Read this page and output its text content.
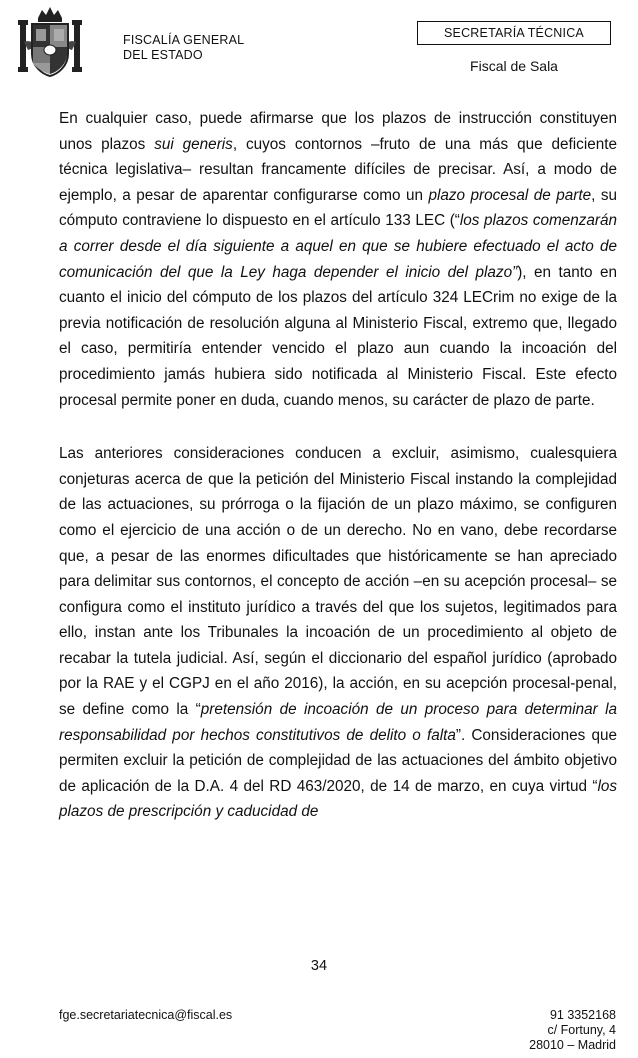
FISCALÍA GENERAL
DEL ESTADO
SECRETARÍA TÉCNICA
Fiscal de Sala

En cualquier caso, puede afirmarse que los plazos de instrucción constituyen unos plazos sui generis, cuyos contornos –fruto de una más que deficiente técnica legislativa– resultan francamente difíciles de precisar. Así, a modo de ejemplo, a pesar de aparentar configurarse como un plazo procesal de parte, su cómputo contraviene lo dispuesto en el artículo 133 LEC (“los plazos comenzarán a correr desde el día siguiente a aquel en que se hubiere efectuado el acto de comunicación del que la Ley haga depender el inicio del plazo”), en tanto en cuanto el inicio del cómputo de los plazos del artículo 324 LECrim no exige de la previa notificación de resolución alguna al Ministerio Fiscal, extremo que, llegado el caso, permitiría entender vencido el plazo aun cuando la incoación del procedimiento jamás hubiera sido notificada al Ministerio Fiscal. Este efecto procesal permite poner en duda, cuando menos, su carácter de plazo de parte.

Las anteriores consideraciones conducen a excluir, asimismo, cualesquiera conjeturas acerca de que la petición del Ministerio Fiscal instando la complejidad de las actuaciones, su prórroga o la fijación de un plazo máximo, se configuren como el ejercicio de una acción o de un derecho. No en vano, debe recordarse que, a pesar de las enormes dificultades que históricamente se han apreciado para delimitar sus contornos, el concepto de acción –en su acepción procesal– se configura como el instituto jurídico a través del que los sujetos, legitimados para ello, instan ante los Tribunales la incoación de un procedimiento al objeto de recabar la tutela judicial. Así, según el diccionario del español jurídico (aprobado por la RAE y el CGPJ en el año 2016), la acción, en su acepción procesal-penal, se define como la “pretensión de incoación de un proceso para determinar la responsabilidad por hechos constitutivos de delito o falta”. Consideraciones que permiten excluir la petición de complejidad de las actuaciones del ámbito objetivo de aplicación de la D.A. 4 del RD 463/2020, de 14 de marzo, en cuya virtud “los plazos de prescripción y caducidad de

34
fge.secretariatecnica@fiscal.es	91 3352168
c/ Fortuny, 4
28010 – Madrid
